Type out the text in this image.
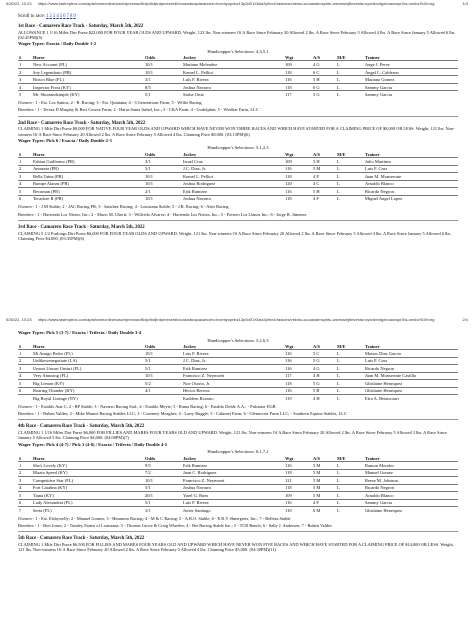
5/30/22, 10:23 https://www.lastmptrcs.com/apisfcmmonline/oacbrpnrsnaufilolp/rkdjtrdpmesrmlt/ccasnatuspasanoirs=lnxmtyopnbz13p0d01Xkba3p9xr4/rasloes/vrddsu-uuoanalmsphtu-wsmssmjtlnvesta=vyxnibrxtgxhoaoxspr0/a-onnlorSdXrorg	1/4
Scroll to race: 123456789
1st Race - Camarero Race Track - Saturday, March 5th, 2022
ALLOWANCE 1 1/16 Miles Dirt Purse $22,000 FOR FOUR YEAR OLDS AND UPWARD. Weight, 123 lbs. Non-winners Of A Race Since February 20 Allowed 2 lbs. A Race Since February 5 Allowed 4 lbs. A Race Since January 5 Allowed 6 lbs. (02:45PM)(5)
Wager Types: Exacta / Daily Double 1-2
Handicapper's Selections: 4,3,5,1
#	Horse	Odds	Jockey	Wgt	A/S	M/E	Trainer
1	New Account (PL)	10/1	Mariano Melendez	109	4 G	L	Jorge J. Perez
2	Soy Legendario (PR)	10/1	Kemel L. Pelliot	118	6 C	L	Angel L. Calderon
3	Brisco Blue (FL)	3/1	Luis F. Rivera	116	5 H	L	Mariano Gomez
4	Inspector Frost (KY)	8/5	Joshua Navarro	118	6 G	L	Sammy Garcia
5	Mr. Shortandsimple (KY)	5/1	Sasha Ortiz	117	5 G	L	Sammy Garcia
Owners - 1 - Est. Los Santos; 2 - R. Racing; 3 - Est. Quintana; 4 - 3 Generations Farm; 5 - Willie Racing
Breeders - 1 - Teresa D Murphy & Bert Course Farm; 2 - Haras Santa Isabel, Inc.; 3 - CKA Farm; 4 - Godolphin; 5 - WinStar Farm, LLC
2nd Race - Camarero Race Track - Saturday, March 5th, 2022
CLAIMING 1 Mile Dirt Purse $8,000 FOR NATIVE FOUR YEAR OLDS AND UPWARD WHICH HAVE NEVER WON THREE RACES AND WHICH HAVE STARTED FOR A CLAIMING PRICE OF $8,000 OR LESS. Weight, 121 lbs. Non-winners Of A Race Since February 20 Allowed 2 lbs. A Race Since February 5 Allowed 4 lbs. Claiming Price $8,000. (03:15PM)(6)
Wager Types: Pick 6 / Exacta / Daily Double 2-3
Handicapper's Selections: 5,1,2,3
#	Horse	Odds	Jockey	Wgt	A/S	M/E	Trainer
1	Fabian Guillermo (PR)	3/1	Israel Cruz	109	5 H	L	Julio Martinez
2	Amazeia (PR)	5/1	J.C. Diaz, Jr.	116	5 M	L	Luis F. Cruz
3	Bella Taina (PR)	10/1	Kemel L. Pelliot	118	4 F	L	Juan M. Monserrate
4	Rumpe Alanas (PR)	10/1	Joshua Rodriguez	120	4 C	L	Arnaldo Blanco
5	Becoman (PR)	2/1	Erik Ramirez	116	5 H	L	Ricardo Negron
6	Tecadore R (PR)	10/1	Joshua Navarro	118	4 F	L	Miguel Angel Lopez
Owners - 1 - J M Stable; 2 - JAC Racing PR; 3 - Sanchez Racing; 4 - Louisiana Stable; 5 - J.R. Racing; 6 - Aber Racing
Breeders - 1 - Hacienda Los Nietos, Inc.; 2 - Mario M. Uberti; 3 - Wilfredo Alvarez; 4 - Hacienda Los Nietos, Inc.; 5 - Potrero Los Llanos Inc.; 6 - Jorge R. Jimenez
3rd Race - Camarero Race Track - Saturday, March 5th, 2022
CLAIMING 5 1/2 Furlongs Dirt Purse $6,000 FOR FOUR YEAR OLDS AND UPWARD. Weight, 121 lbs. Non-winners Of A Race Since February 20 Allowed 2 lbs. A Race Since February 5 Allowed 4 lbs. A Race Since January 5 Allowed 6 lbs. Claiming Price $4,000. (03:35PM)(6)
5/30/22, 10:23 https://www.lastmptrcs.com/apisfcmmonline/oacbrpnrsnaufilolp/rkdjtrdpmesrmlt/ccasnatuspasanoirs=lnxmtyopnbz13p0d01Xkba3p9xr4/rasloes/vrddsu-uuoanalmsphtu-wsmssmjtlnvesta=vyxnibrxtgxhoaoxspr0/a-onnlorSdXrorg	2/4
Wager Types: Pick 5 (3-7) / Exacta / Trifecta / Daily Double 3-4
Handicapper's Selections: 5,2,6,3
#	Horse	Odds	Jockey	Wgt	A/S	M/E	Trainer
1	Mi Amigo Pedro (FL)	10/1	Luis F. Rivera	116	5 C	L	Moises Diaz Garcia
2	Unlikewenegotiate (LA)	5/1	J.C. Diaz, Jr.	116	5 G	L	Luis F. Cruz
3	Unsuri Unsuri Unsuri (FL)	5/1	Erik Ramirez	116	4 G	L	Ricardo Negron
4	Very Amusing (FL)	10/1	Francisco Z. Neymoett	117	4 H	L	Juan M. Monserrate Castillo
5	Big Lemon (KY)	5/2	Noe Osorio, Jr.	118	5 G	L	Ghislaine Henriquez
6	Roaring Thunder (KY)	4/1	Hector Berrios	116	5 R	L	Ghislaine Henriquez
	Big Royal Lineage (NY)		Kaddern Rosario	119	4 H	L	Efra A. Betancourt
Owners - 1 - Establo Ana C; 2 - RP Stable; 3 - Navarro Racing Stal.; 4 - Establo Meyte; 5 - Rama Racing; 6 - Establo Doble A.A.; - Pulsiator EGR
Breeders - 1 - Ruben Valdes; 2 - Mike Munoz Racing Stables LLC; 3 - Courtney Meagher; 4 - Larry Ruggle; 5 - Calumet Farm; 6 - Glenncrest Farm LLC; - Southern Equine Stables, LLC
4th Race - Camarero Race Track - Saturday, March 5th, 2022
CLAIMING 1 1/16 Miles Dirt Purse $6,000 FOR FILLIES AND MARES FOUR YEARS OLD AND UPWARD. Weight, 121 lbs. Non-winners Of A Race Since February 20 Allowed 2 lbs. A Race Since February 5 Allowed 3 lbs. A Race Since January 5 Allowed 5 lbs. Claiming Price $4,000. (04:00PM)(7)
Wager Types: Pick 4 (4-7) / Pick 3 (4-6) / Exacta / Trifecta / Daily Double 4-5
Handicapper's Selections: 6,1,7,2
#	Horse	Odds	Jockey	Wgt	A/S	M/E	Trainer
1	She's Lovely (KY)	9/5	Erik Ramirez	116	5 M	L	Ramon Morales
2	Blazin Speed (KY)	7/2	Juan C. Rodriguez	118	5 M	L	Manuel Gomez
3	Competitive Star (FL)	10/1	Francisco Z. Neymoett	121	5 M	L	Reese M. Johnson
4	Fort Catalina (KY)	5/1	Joshua Navarro	118	5 M	L	Ricardo Negron
5	Tiana (KY)	20/1	Yarel G. Rum	109	5 M	L	Arnaldo Blanco
6	Lady Alexandria (FL)	5/1	Luis F. Rivera	116	4 F	L	Sammy Garcia
7	Serta (FL)	3/1	Javier Santiago	118	6 M	L	Ghislaine Henriquez
Owners - 1 - Est. Elsbywelly; 2 - Manuel Gomez; 3 - Hmanoso Racing; 4 - M & C Racing; 5 - A.B.O. Stable; 6 - E.R.V Shnergries, Inc.; 7 - Belleza Stable
Breeders - 1 - Bret Jones; 2 - Tumley Farms of Louisiana; 3 - Thomas Grove & Craig Wheeler; 4 - Bet Racing Stable Inc.; 5 - TCR Ranch; 6 - Sally J. Andersen; 7 - Ruben Valdes
5th Race - Camarero Race Track - Saturday, March 5th, 2022
CLAIMING 1 Mile Dirt Purse $6,500 FOR FILLIES AND MARES FOUR YEARS OLD AND UPWARD WHICH HAVE NEVER WON FIVE RACES AND WHICH HAVE STARTED FOR A CLAIMING PRICE OF $14,000 OR LESS. Weight, 121 lbs. Non-winners Of A Race Since February 20 Allowed 2 lbs. A Race Since February 5 Allowed 4 lbs. Claiming Price $5,000. (04:30PM)(11)
